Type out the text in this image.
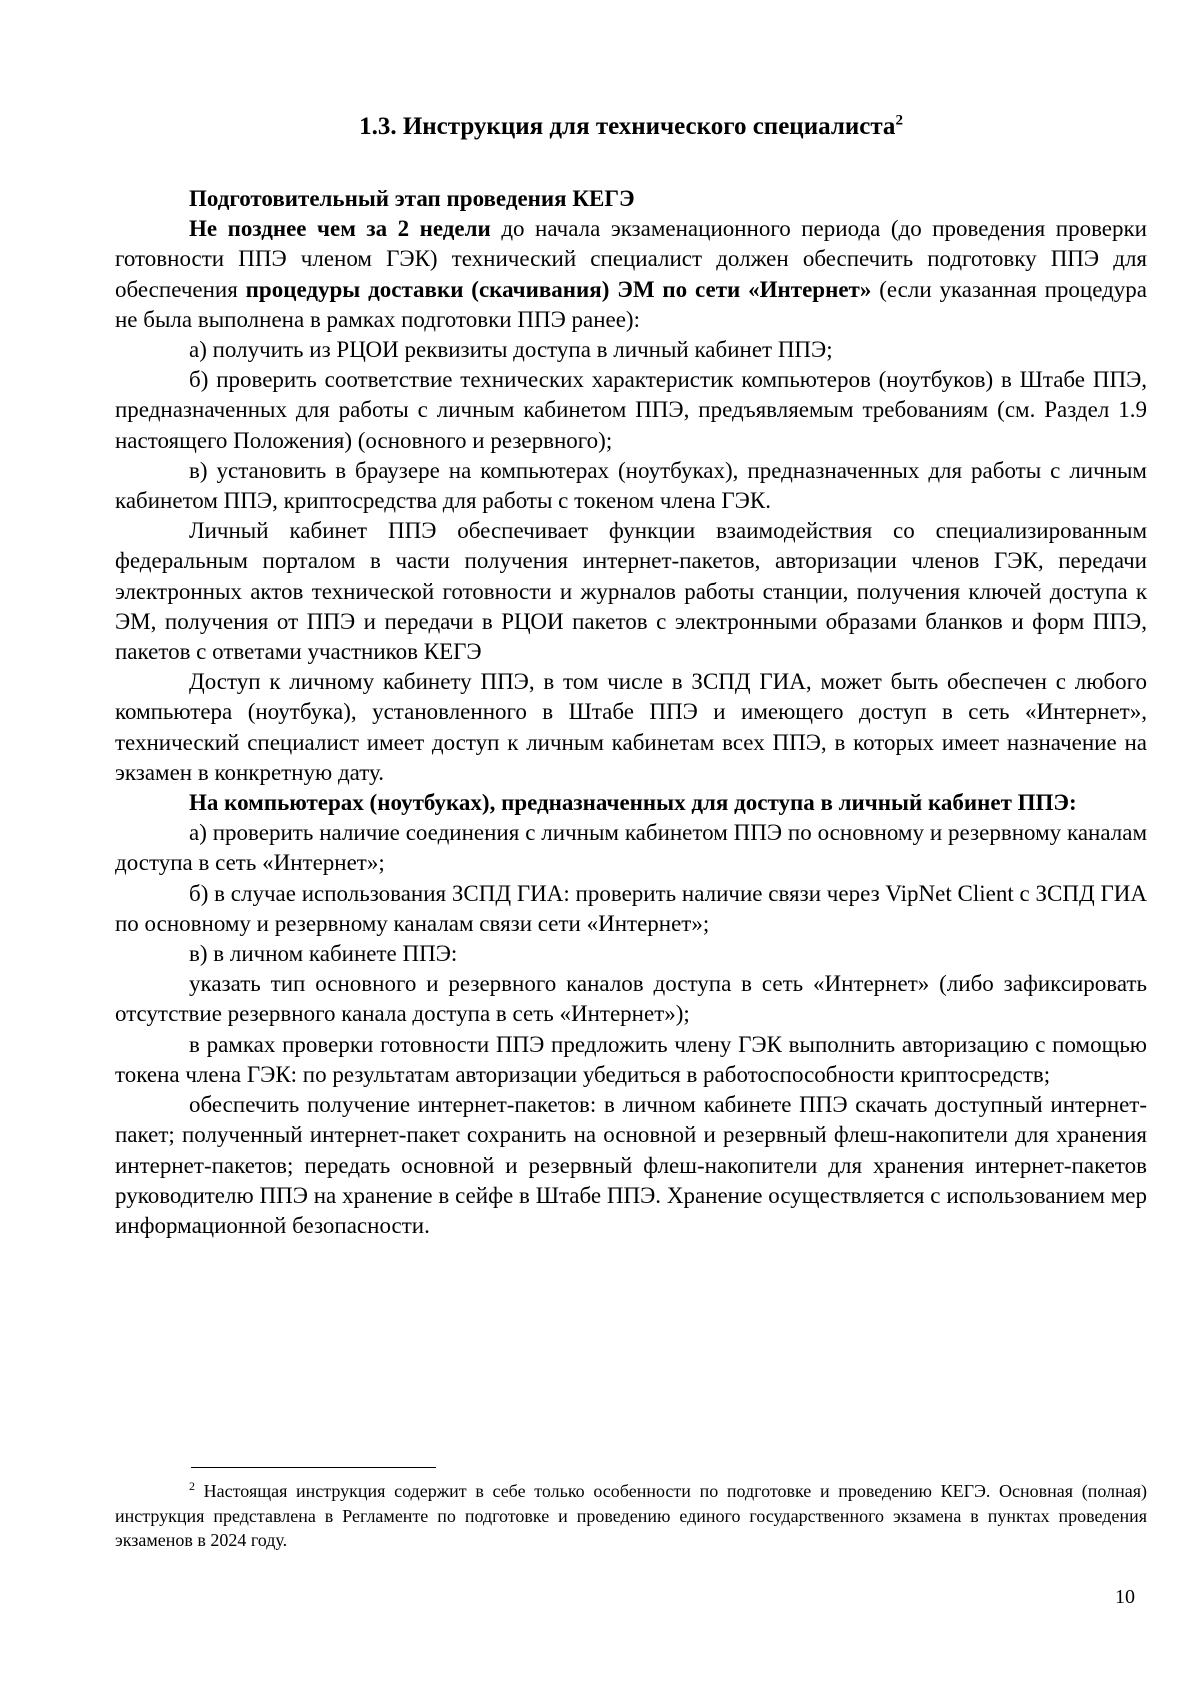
1.3. Инструкция для технического специалиста$^2$

Подготовительный этап проведения КЕГЭ

Не позднее чем за 2 недели до начала экзаменационного периода (до проведения проверки готовности ППЭ членом ГЭК) технический специалист должен обеспечить подготовку ППЭ для обеспечения процедуры доставки (скачивания) ЭМ по сети «Интернет» (если указанная процедура не была выполнена в рамках подготовки ППЭ ранее):

а) получить из РЦОИ реквизиты доступа в личный кабинет ППЭ;

б) проверить соответствие технических характеристик компьютеров (ноутбуков) в Штабе ППЭ, предназначенных для работы с личным кабинетом ППЭ, предъявляемым требованиям (см. Раздел 1.9 настоящего Положения) (основного и резервного);

в) установить в браузере на компьютерах (ноутбуках), предназначенных для работы с личным кабинетом ППЭ, криптосредства для работы с токеном члена ГЭК.

Личный кабинет ППЭ обеспечивает функции взаимодействия со специализированным федеральным порталом в части получения интернет-пакетов, авторизации членов ГЭК, передачи электронных актов технической готовности и журналов работы станции, получения ключей доступа к ЭМ, получения от ППЭ и передачи в РЦОИ пакетов с электронными образами бланков и форм ППЭ, пакетов с ответами участников КЕГЭ

Доступ к личному кабинету ППЭ, в том числе в ЗСПД ГИА, может быть обеспечен с любого компьютера (ноутбука), установленного в Штабе ППЭ и имеющего доступ в сеть «Интернет», технический специалист имеет доступ к личным кабинетам всех ППЭ, в которых имеет назначение на экзамен в конкретную дату.

На компьютерах (ноутбуках), предназначенных для доступа в личный кабинет ППЭ:

а) проверить наличие соединения с личным кабинетом ППЭ по основному и резервному каналам доступа в сеть «Интернет»;

б) в случае использования ЗСПД ГИА: проверить наличие связи через VipNet Client с ЗСПД ГИА по основному и резервному каналам связи сети «Интернет»;

в) в личном кабинете ППЭ:

указать тип основного и резервного каналов доступа в сеть «Интернет» (либо зафиксировать отсутствие резервного канала доступа в сеть «Интернет»);

в рамках проверки готовности ППЭ предложить члену ГЭК выполнить авторизацию с помощью токена члена ГЭК: по результатам авторизации убедиться в работоспособности криптосредств;

обеспечить получение интернет-пакетов: в личном кабинете ППЭ скачать доступный интернет-пакет; полученный интернет-пакет сохранить на основной и резервный флеш-накопители для хранения интернет-пакетов; передать основной и резервный флеш-накопители для хранения интернет-пакетов руководителю ППЭ на хранение в сейфе в Штабе ППЭ. Хранение осуществляется с использованием мер информационной безопасности.

$^2$ Настоящая инструкция содержит в себе только особенности по подготовке и проведению КЕГЭ. Основная (полная) инструкция представлена в Регламенте по подготовке и проведению единого государственного экзамена в пунктах проведения экзаменов в 2024 году.
10
